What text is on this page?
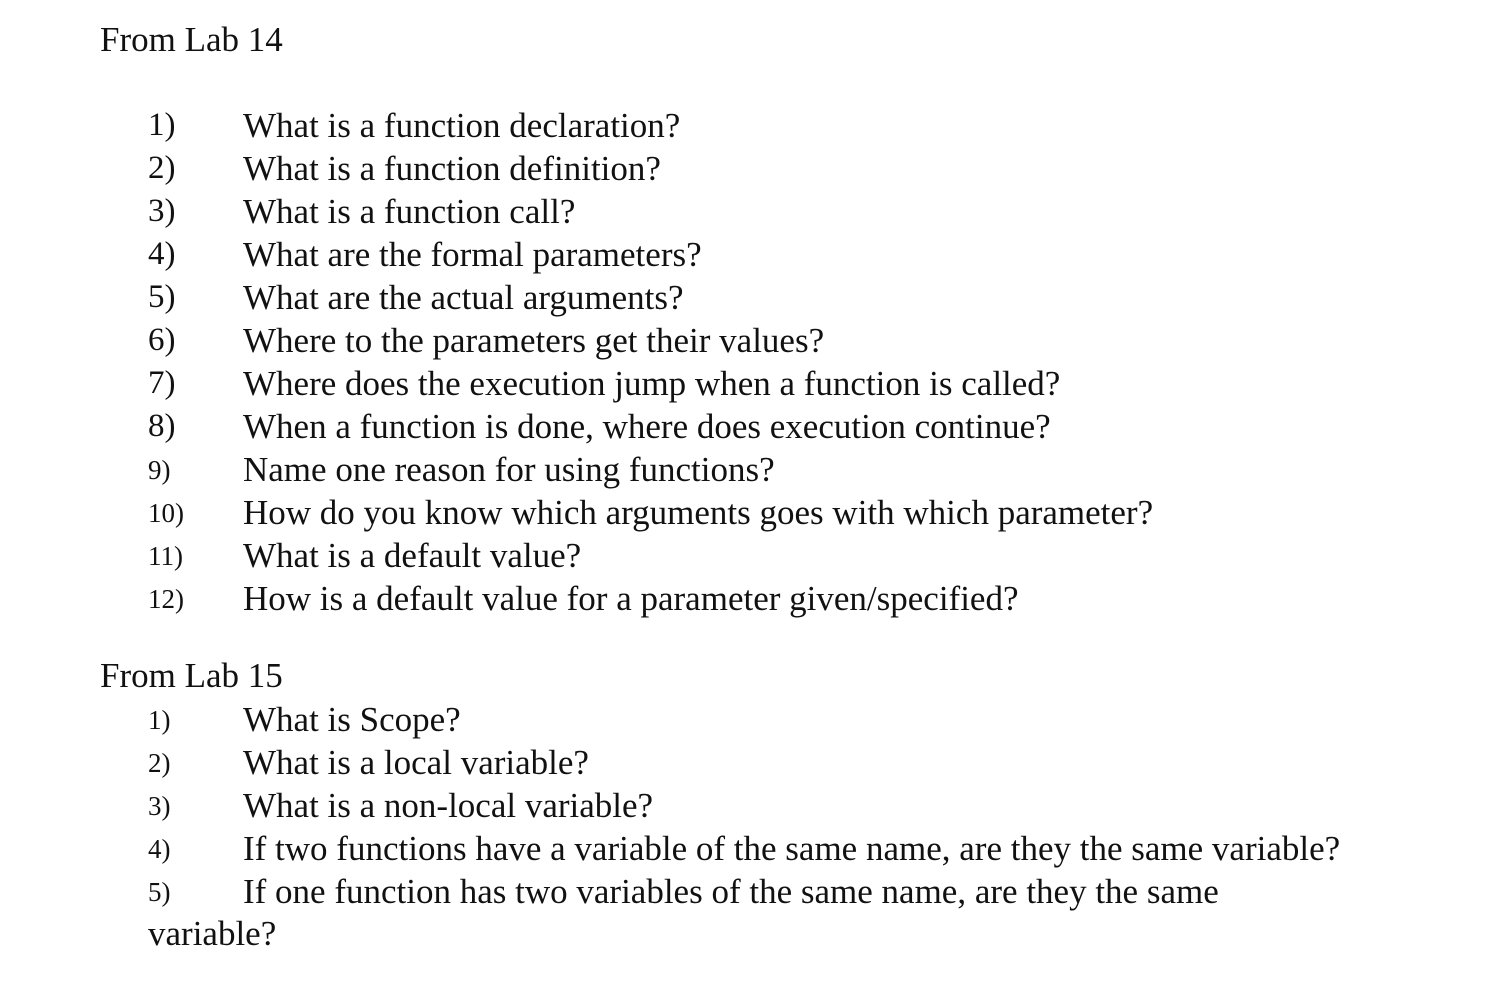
From Lab 14
1) What is a function declaration?
2) What is a function definition?
3) What is a function call?
4) What are the formal parameters?
5) What are the actual arguments?
6) Where to the parameters get their values?
7) Where does the execution jump when a function is called?
8) When a function is done, where does execution continue?
9) Name one reason for using functions?
10) How do you know which arguments goes with which parameter?
11) What is a default value?
12) How is a default value for a parameter given/specified?
From Lab 15
1) What is Scope?
2) What is a local variable?
3) What is a non-local variable?
4) If two functions have a variable of the same name, are they the same variable?
5) If one function has two variables of the same name, are they the same
variable?
